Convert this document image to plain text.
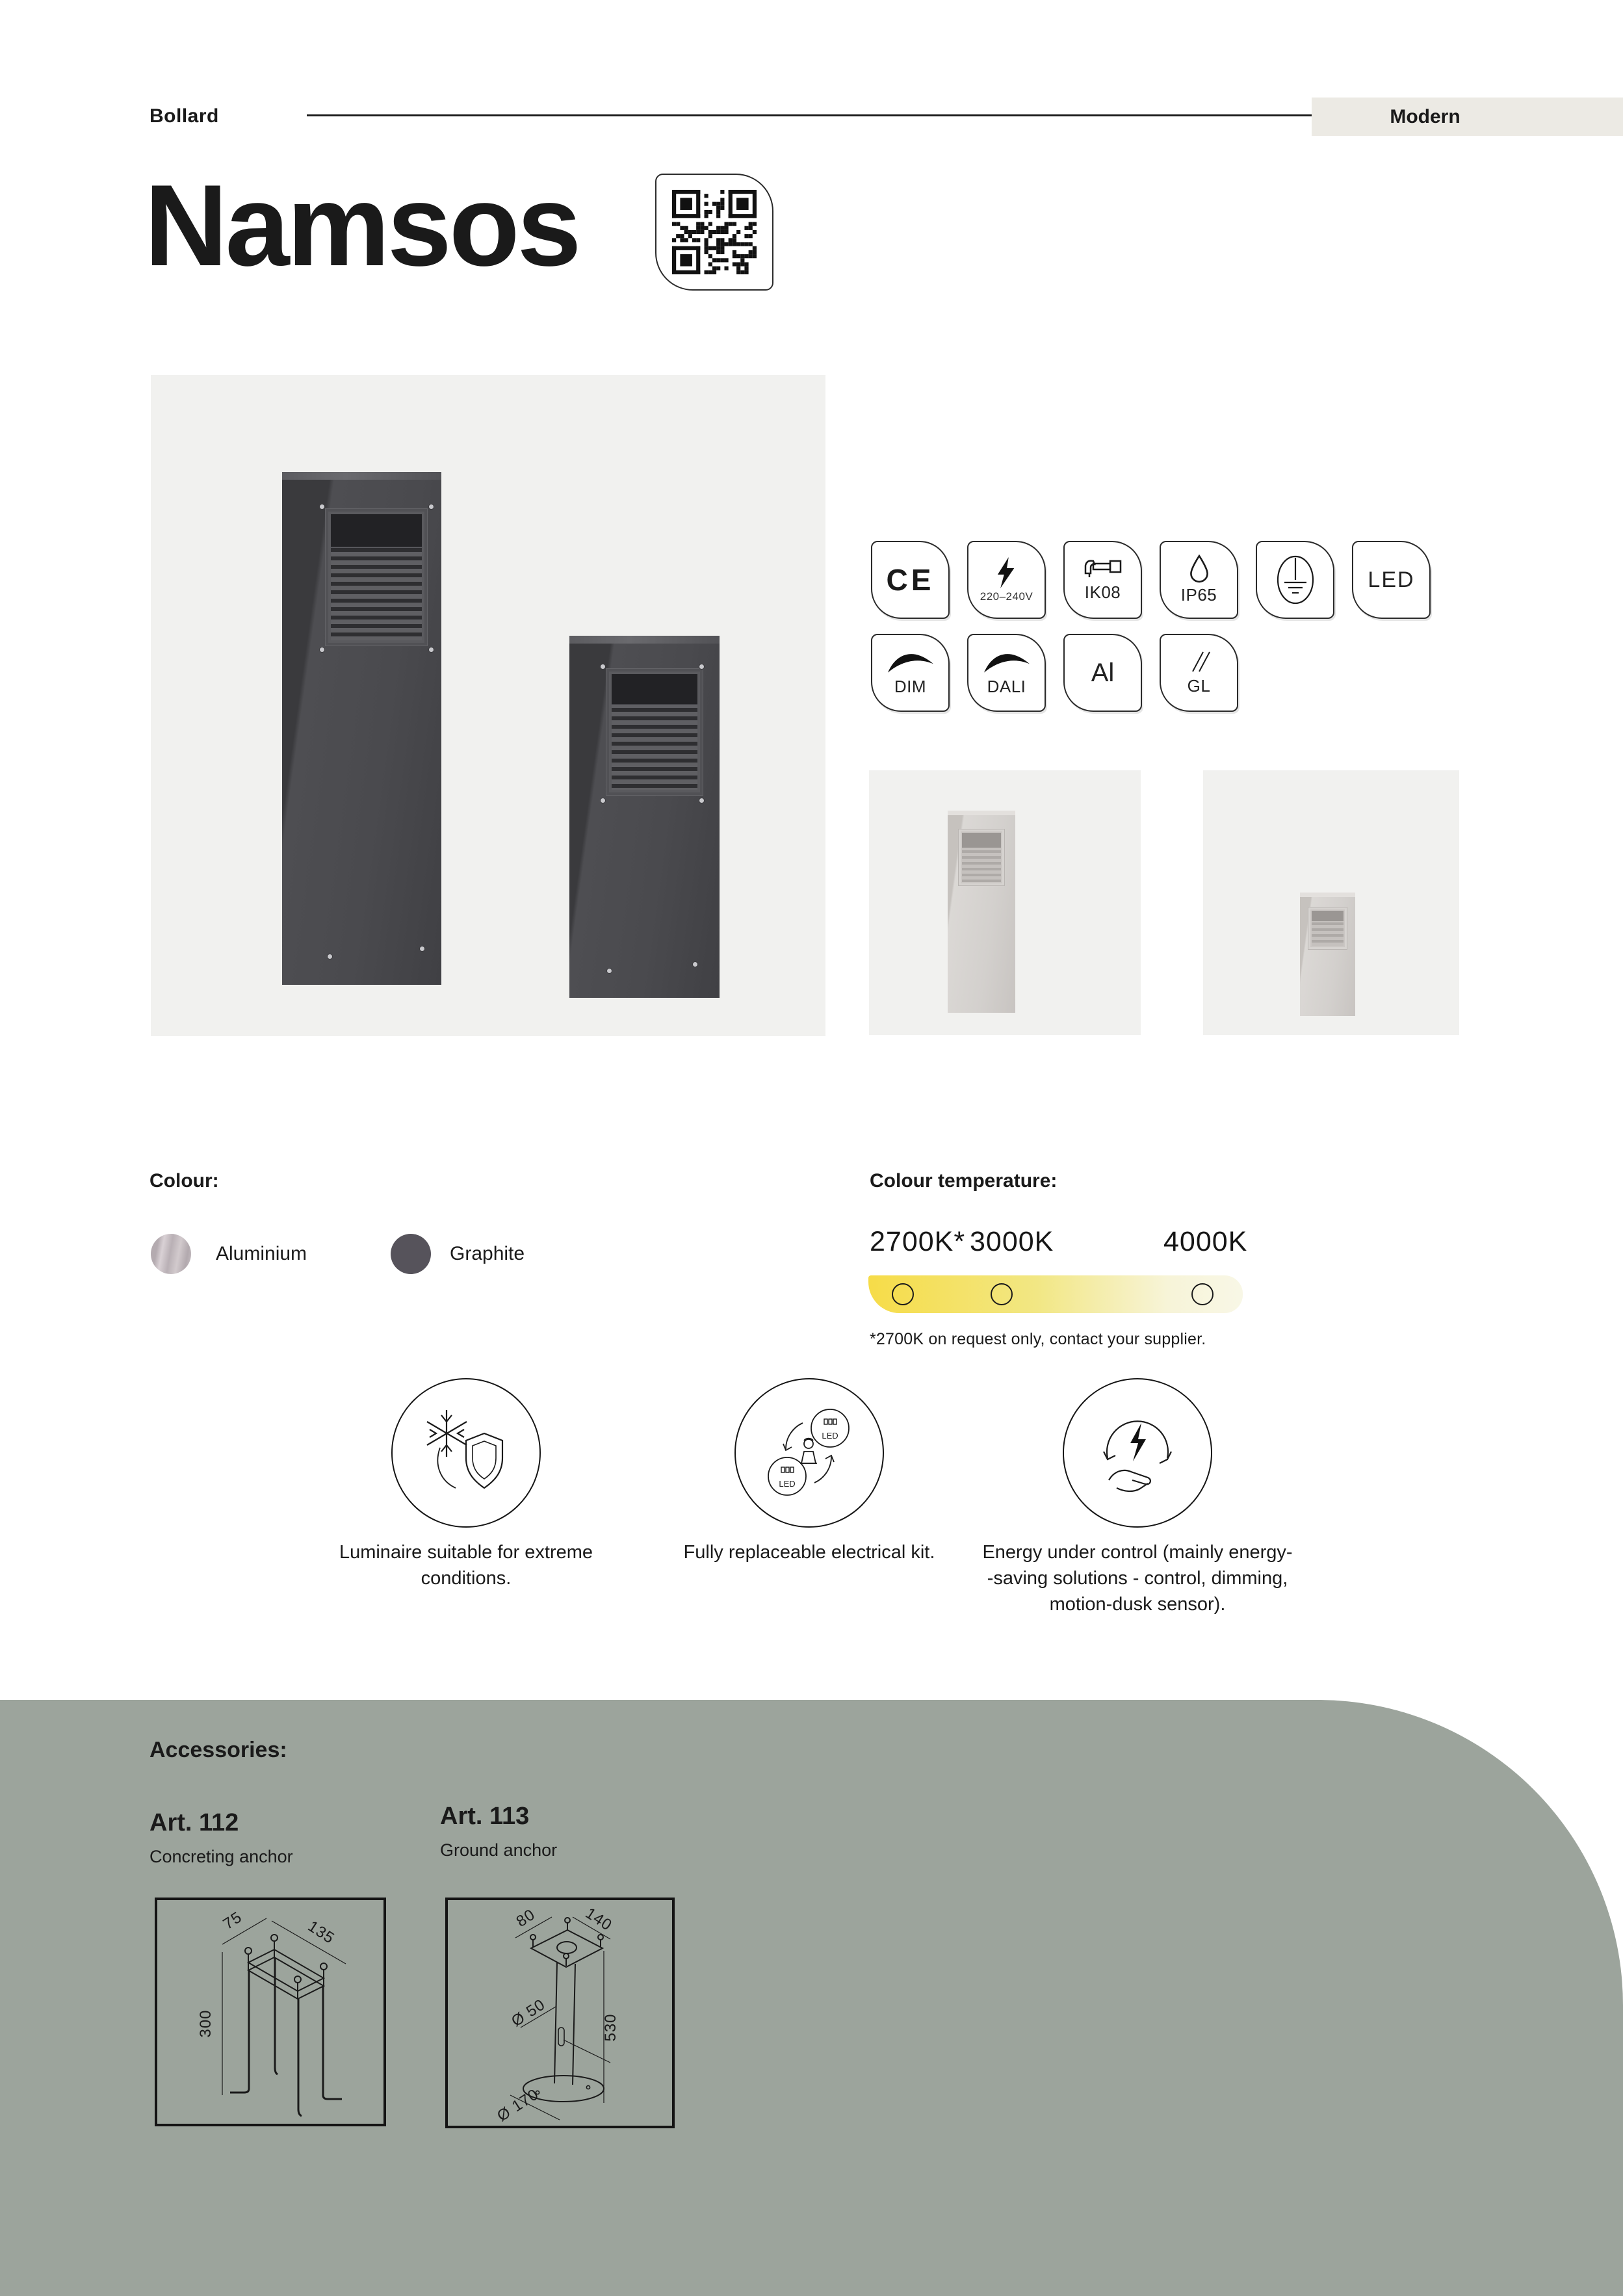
Bollard	Modern
Namsos
CE	220–240V	IK08	IP65
LED
DIM	DALI	Al	GL
Colour:
Aluminium	Graphite
Colour temperature:
2700K* 3000K	4000K
*2700K on request only, contact your supplier.
LED
LED
Luminaire suitable for extreme
conditions.
Fully replaceable electrical kit.	Energy under control (mainly energy-
-saving solutions - control, dimming,
motion-dusk sensor).
Accessories:
Art. 112
Concreting anchor
Art. 113
Ground anchor
75	135
300
80	140
Ø 50	530
Ø 170
